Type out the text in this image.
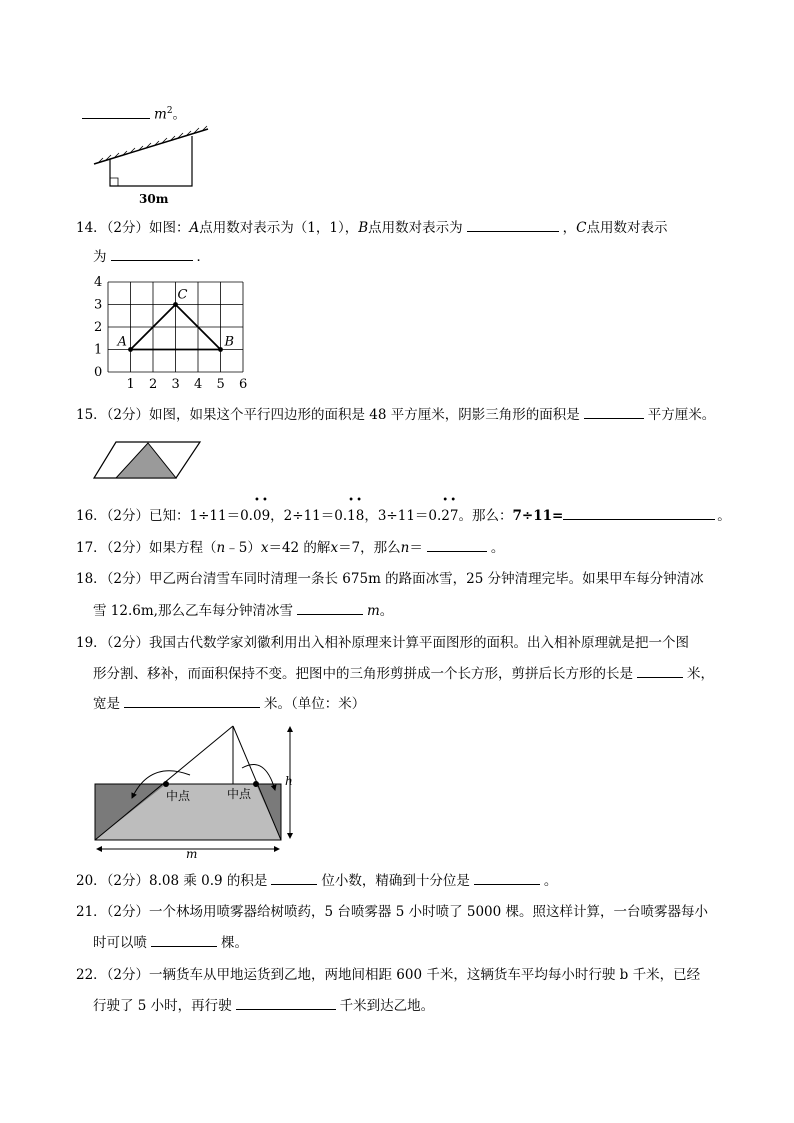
$m^2$。
30m
14．（2分）如图：A点用数对表示为（1，1），B点用数对表示为	，C点用数对表示
为	．
0
1
2
3
4
1 2 3 4 5 6
A
C
B
15．（2分）如图，如果这个平行四边形的面积是 48 平方厘米，阴影三角形的面积是	平方厘米。
16．（2分）已知：1÷11＝0.
• •
09，2÷11＝0.
• •
18，3÷11＝0.
• •
27。那么：7÷11=	。
17．（2分）如果方程（n﹣5）x＝42 的解x＝7，那么n＝	。
18．（2分）甲乙两台清雪车同时清理一条长 675m 的路面冰雪，25 分钟清理完毕。如果甲车每分钟清冰
雪 12.6m,那么乙车每分钟清冰雪	m。
19．（2分）我国古代数学家刘徽利用出入相补原理来计算平面图形的面积。出入相补原理就是把一个图
形分割、移补，而面积保持不变。把图中的三角形剪拼成一个长方形，剪拼后长方形的长是	米，
宽是	米。（单位：米）
中点	中点
h
m
20．（2分）8.08 乘 0.9 的积是	位小数，精确到十分位是	。
21．（2分）一个林场用喷雾器给树喷药，5 台喷雾器 5 小时喷了 5000 棵。照这样计算，一台喷雾器每小
时可以喷	棵。
22．（2分）一辆货车从甲地运货到乙地，两地间相距 600 千米，这辆货车平均每小时行驶 b 千米，已经
行驶了 5 小时，再行驶	千米到达乙地。
